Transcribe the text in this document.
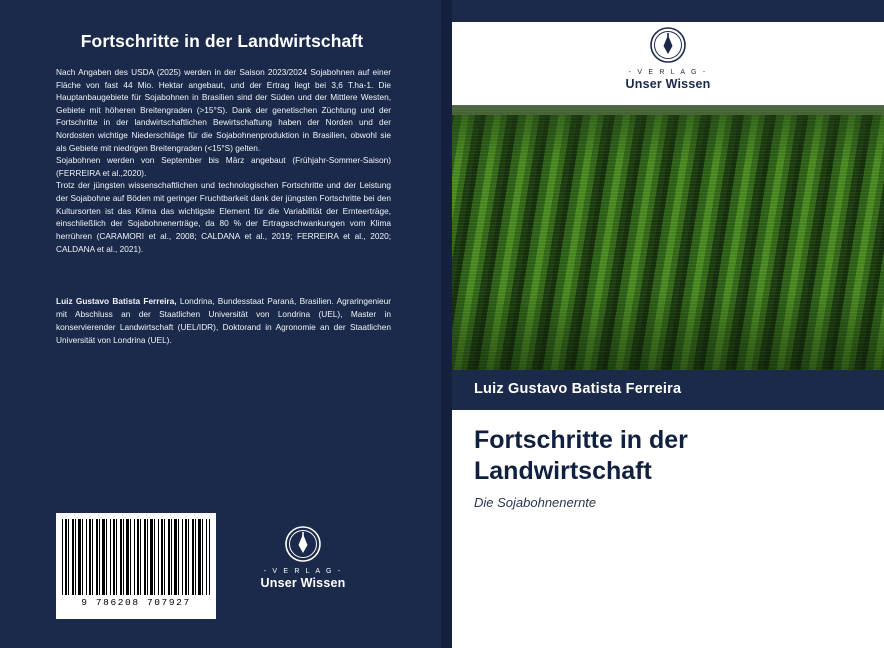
Fortschritte in der Landwirtschaft

Nach Angaben des USDA (2025) werden in der Saison 2023/2024 Sojabohnen auf einer Fläche von fast 44 Mio. Hektar angebaut, und der Ertrag liegt bei 3,6 T.ha-1. Die Hauptanbaugebiete für Sojabohnen in Brasilien sind der Süden und der Mittlere Westen, Gebiete mit höheren Breitengraden (>15°S). Dank der genetischen Züchtung und der Fortschritte in der landwirtschaftlichen Bewirtschaftung haben der Norden und der Nordosten wichtige Niederschläge für die Sojabohnenproduktion in Brasilien, obwohl sie als Gebiete mit niedrigen Breitengraden (<15°S) gelten.

Sojabohnen werden von September bis März angebaut (Frühjahr-Sommer-Saison) (FERREIRA et al.,2020).

Trotz der jüngsten wissenschaftlichen und technologischen Fortschritte und der Leistung der Sojabohne auf Böden mit geringer Fruchtbarkeit dank der jüngsten Fortschritte bei den Kultursorten ist das Klima das wichtigste Element für die Variabilität der Ernteerträge, einschließlich der Sojabohnenerträge, da 80 % der Ertragsschwankungen vom Klima herrühren (CARAMORI et al., 2008; CALDANA et al., 2019; FERREIRA et al., 2020; CALDANA et al., 2021).

Luiz Gustavo Batista Ferreira, Londrina, Bundesstaat Paraná, Brasilien. Agraringenieur mit Abschluss an der Staatlichen Universität von Londrina (UEL), Master in konservierender Landwirtschaft (UEL/IDR), Doktorand in Agronomie an der Staatlichen Universität von Londrina (UEL).
9 786208 707927
- V E R L A G -
Unser Wissen
- V E R L A G -
Unser Wissen
Luiz Gustavo Batista Ferreira
Fortschritte in der Landwirtschaft
Die Sojabohnenernte
